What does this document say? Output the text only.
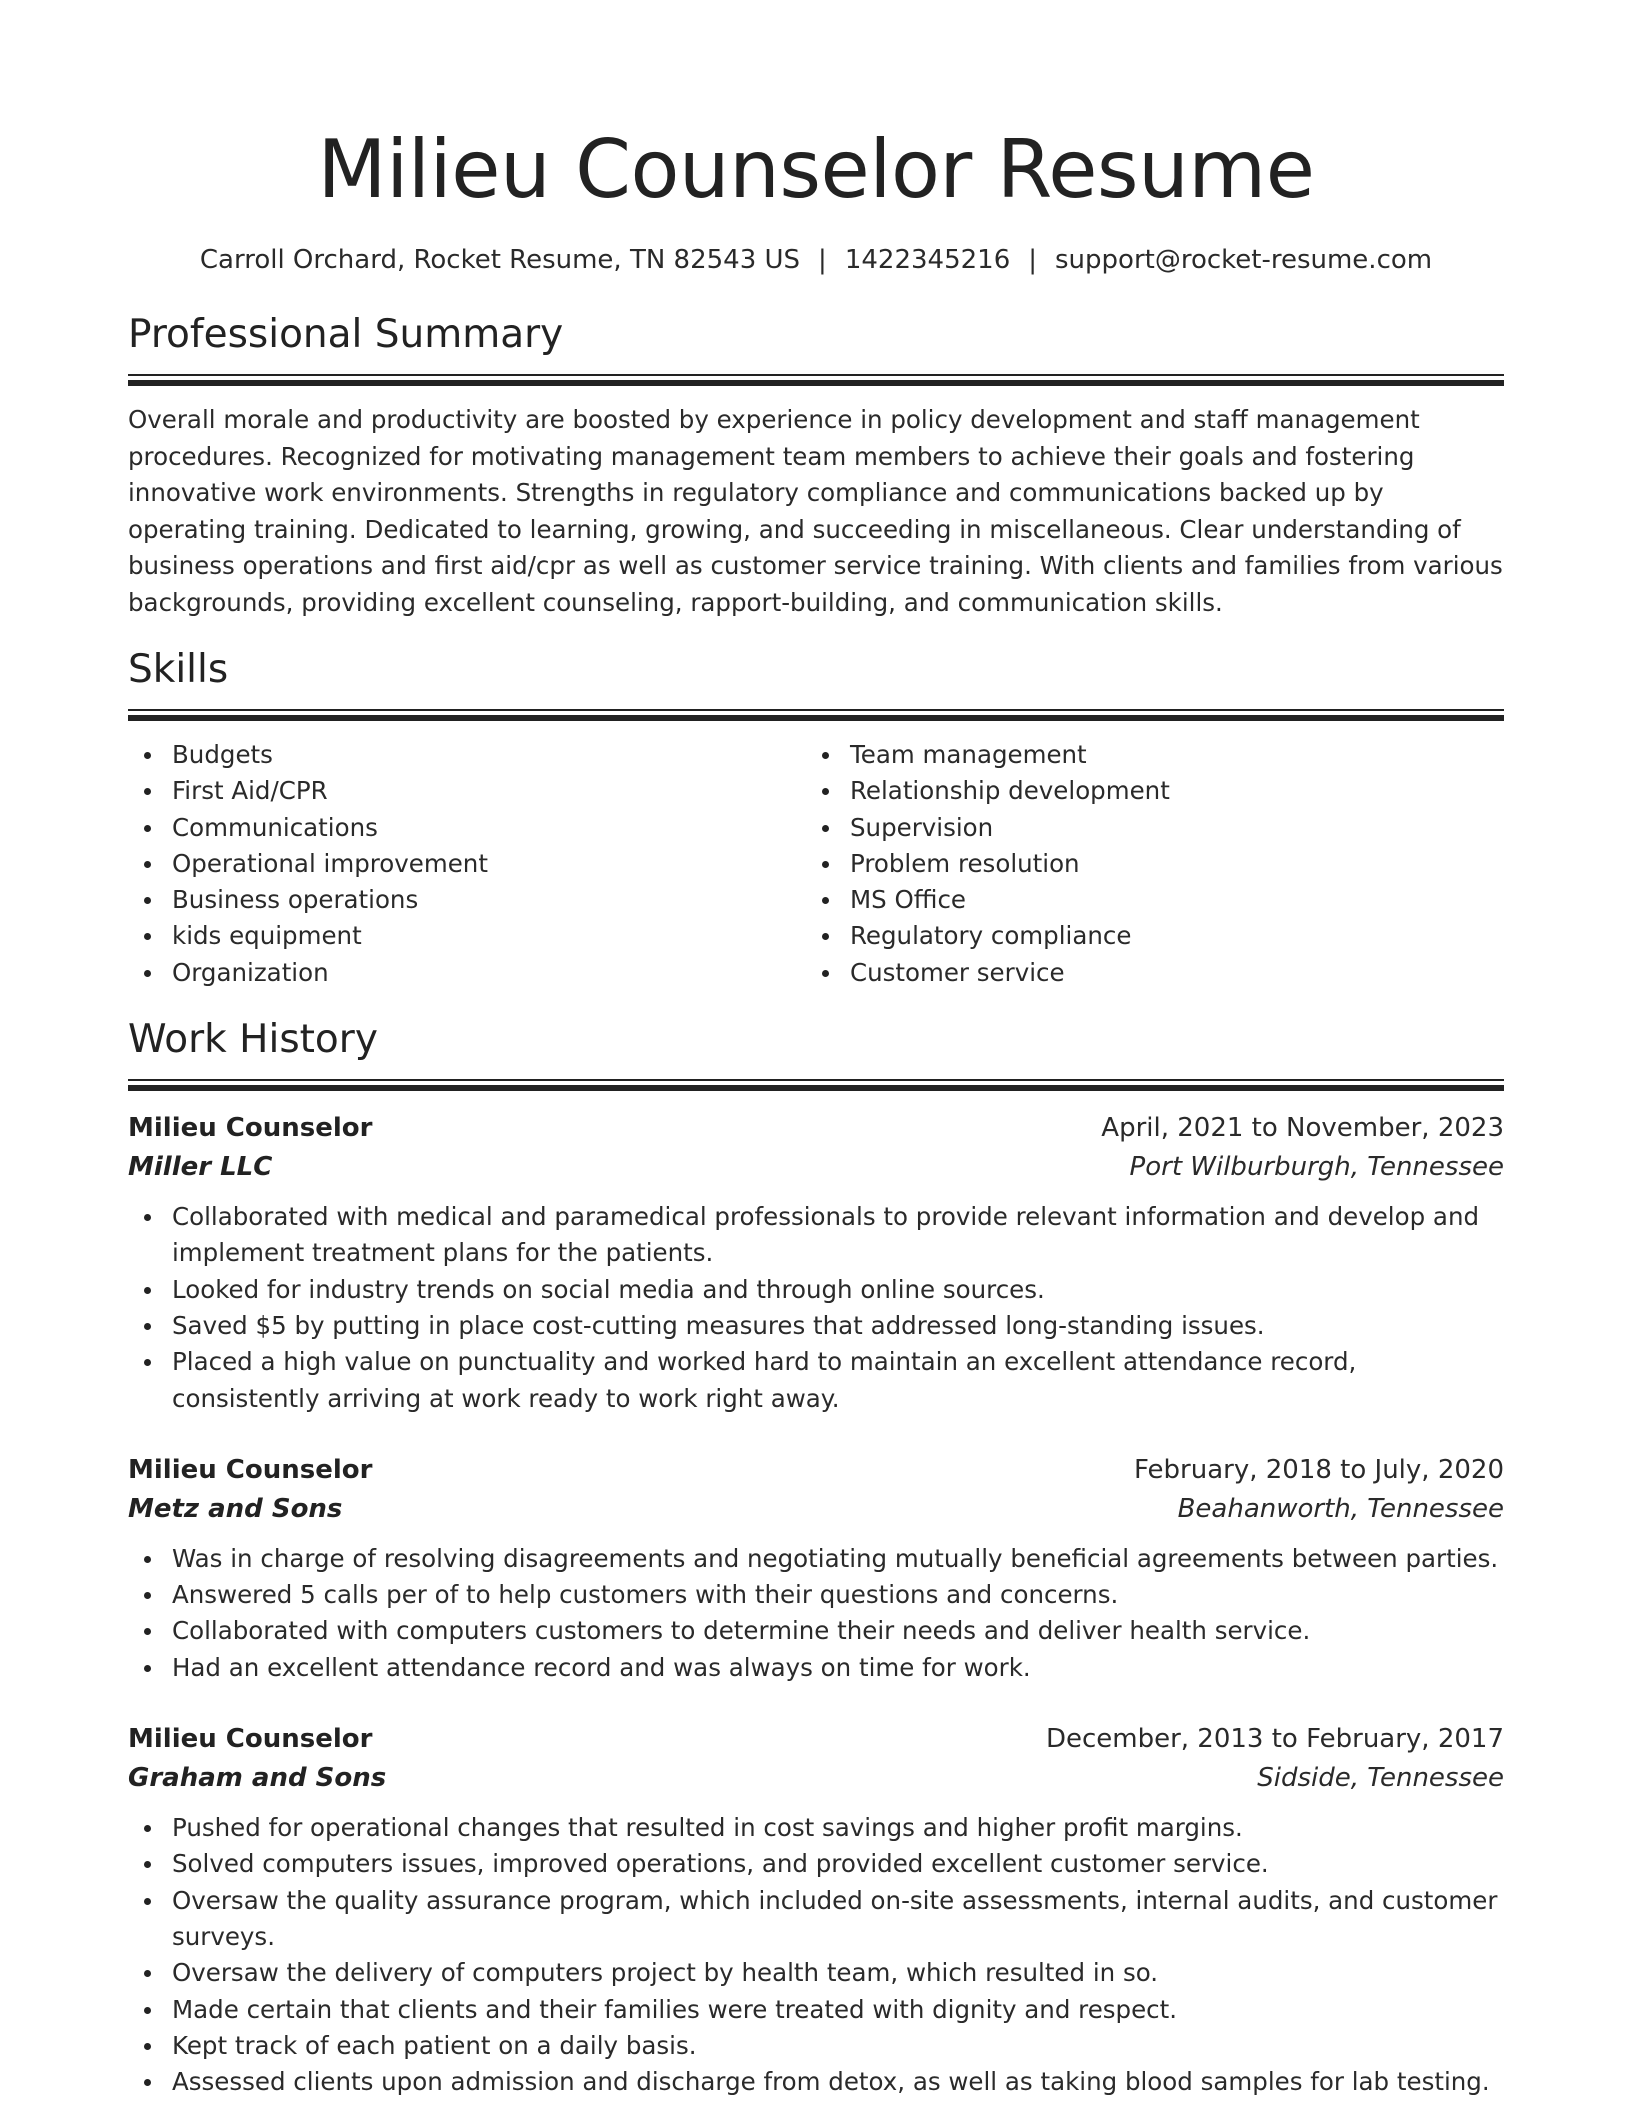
Milieu Counselor Resume
Carroll Orchard, Rocket Resume, TN 82543 US | 1422345216 | support@rocket-resume.com
Professional Summary

Overall morale and productivity are boosted by experience in policy development and staff management procedures. Recognized for motivating management team members to achieve their goals and fostering innovative work environments. Strengths in regulatory compliance and communications backed up by operating training. Dedicated to learning, growing, and succeeding in miscellaneous. Clear understanding of business operations and first aid/cpr as well as customer service training. With clients and families from various backgrounds, providing excellent counseling, rapport-building, and communication skills.

Skills
Budgets
First Aid/CPR
Communications
Operational improvement
Business operations
kids equipment
Organization
Team management
Relationship development
Supervision
Problem resolution
MS Office
Regulatory compliance
Customer service
Work History
Milieu Counselor	April, 2021 to November, 2023
Miller LLC	Port Wilburburgh, Tennessee
Collaborated with medical and paramedical professionals to provide relevant information and develop and implement treatment plans for the patients.
Looked for industry trends on social media and through online sources.
Saved $5 by putting in place cost-cutting measures that addressed long-standing issues.
Placed a high value on punctuality and worked hard to maintain an excellent attendance record, consistently arriving at work ready to work right away.
Milieu Counselor	February, 2018 to July, 2020
Metz and Sons	Beahanworth, Tennessee
Was in charge of resolving disagreements and negotiating mutually beneficial agreements between parties.
Answered 5 calls per of to help customers with their questions and concerns.
Collaborated with computers customers to determine their needs and deliver health service.
Had an excellent attendance record and was always on time for work.
Milieu Counselor	December, 2013 to February, 2017
Graham and Sons	Sidside, Tennessee
Pushed for operational changes that resulted in cost savings and higher profit margins.
Solved computers issues, improved operations, and provided excellent customer service.
Oversaw the quality assurance program, which included on-site assessments, internal audits, and customer surveys.
Oversaw the delivery of computers project by health team, which resulted in so.
Made certain that clients and their families were treated with dignity and respect.
Kept track of each patient on a daily basis.
Assessed clients upon admission and discharge from detox, as well as taking blood samples for lab testing.
